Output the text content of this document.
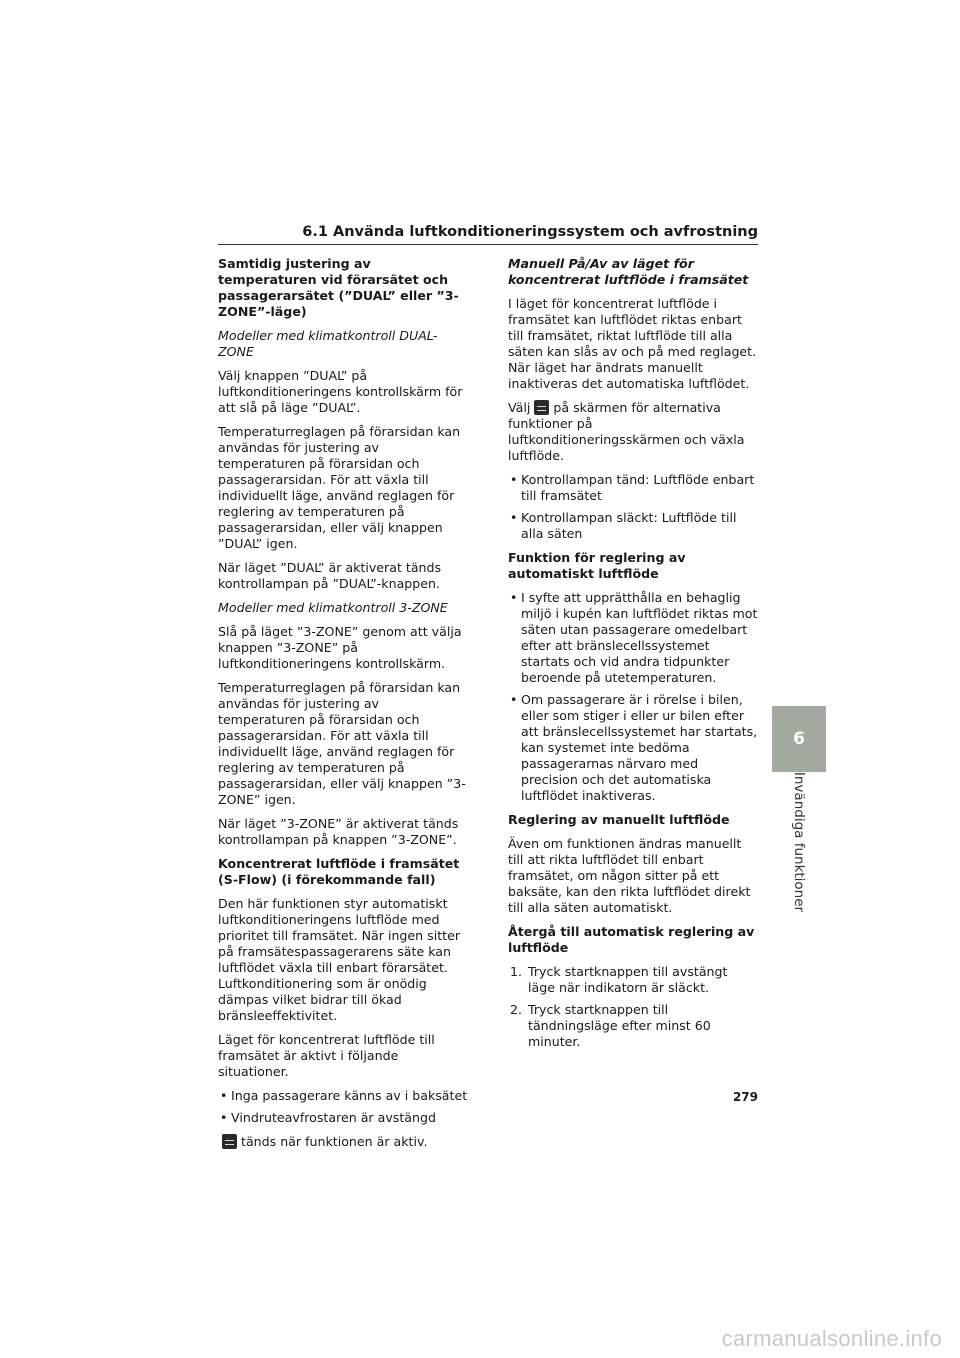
6.1 Använda luftkonditioneringssystem och avfrostning
Samtidig justering av temperaturen vid förarsätet och passagerarsätet (”DUAL” eller ”3-ZONE”-läge)
Modeller med klimatkontroll DUAL-ZONE

Välj knappen ”DUAL” på luftkonditioneringens kontrollskärm för att slå på läge ”DUAL”.

Temperaturreglagen på förarsidan kan användas för justering av temperaturen på förarsidan och passagerarsidan. För att växla till individuellt läge, använd reglagen för reglering av temperaturen på passagerarsidan, eller välj knappen ”DUAL” igen.

När läget ”DUAL” är aktiverat tänds kontrollampan på ”DUAL”-knappen.

Modeller med klimatkontroll 3-ZONE

Slå på läget ”3-ZONE” genom att välja knappen ”3-ZONE” på luftkonditioneringens kontrollskärm.

Temperaturreglagen på förarsidan kan användas för justering av temperaturen på förarsidan och passagerarsidan. För att växla till individuellt läge, använd reglagen för reglering av temperaturen på passagerarsidan, eller välj knappen ”3-ZONE” igen.

När läget ”3-ZONE” är aktiverat tänds kontrollampan på knappen ”3-ZONE”.

Koncentrerat luftflöde i framsätet (S-Flow) (i förekommande fall)

Den här funktionen styr automatiskt luftkonditioneringens luftflöde med prioritet till framsätet. När ingen sitter på framsätespassagerarens säte kan luftflödet växla till enbart förarsätet. Luftkonditionering som är onödig dämpas vilket bidrar till ökad bränsleeffektivitet.

Läget för koncentrerat luftflöde till framsätet är aktivt i följande situationer.

• Inga passagerare känns av i baksätet
• Vindruteavfrostaren är avstängd

tänds när funktionen är aktiv.

Manuell På/Av av läget för koncentrerat luftflöde i framsätet

I läget för koncentrerat luftflöde i framsätet kan luftflödet riktas enbart till framsätet, riktat luftflöde till alla säten kan slås av och på med reglaget. När läget har ändrats manuellt inaktiveras det automatiska luftflödet.

Välj på skärmen för alternativa funktioner på luftkonditioneringsskärmen och växla luftflöde.

• Kontrollampan tänd: Luftflöde enbart till framsätet
• Kontrollampan släckt: Luftflöde till alla säten
Funktion för reglering av automatiskt luftflöde
• I syfte att upprätthålla en behaglig miljö i kupén kan luftflödet riktas mot säten utan passagerare omedelbart efter att bränslecellssystemet startats och vid andra tidpunkter beroende på utetemperaturen.
• Om passagerare är i rörelse i bilen, eller som stiger i eller ur bilen efter att bränslecellssystemet har startats, kan systemet inte bedöma passagerarnas närvaro med precision och det automatiska luftflödet inaktiveras.
Reglering av manuellt luftflöde

Även om funktionen ändras manuellt till att rikta luftflödet till enbart framsätet, om någon sitter på ett baksäte, kan den rikta luftflödet direkt till alla säten automatiskt.

Återgå till automatisk reglering av luftflöde
1. Tryck startknappen till avstängt läge när indikatorn är släckt.
2. Tryck startknappen till tändningsläge efter minst 60 minuter.
6
Invändiga funktioner
279
carmanualsonline.info
